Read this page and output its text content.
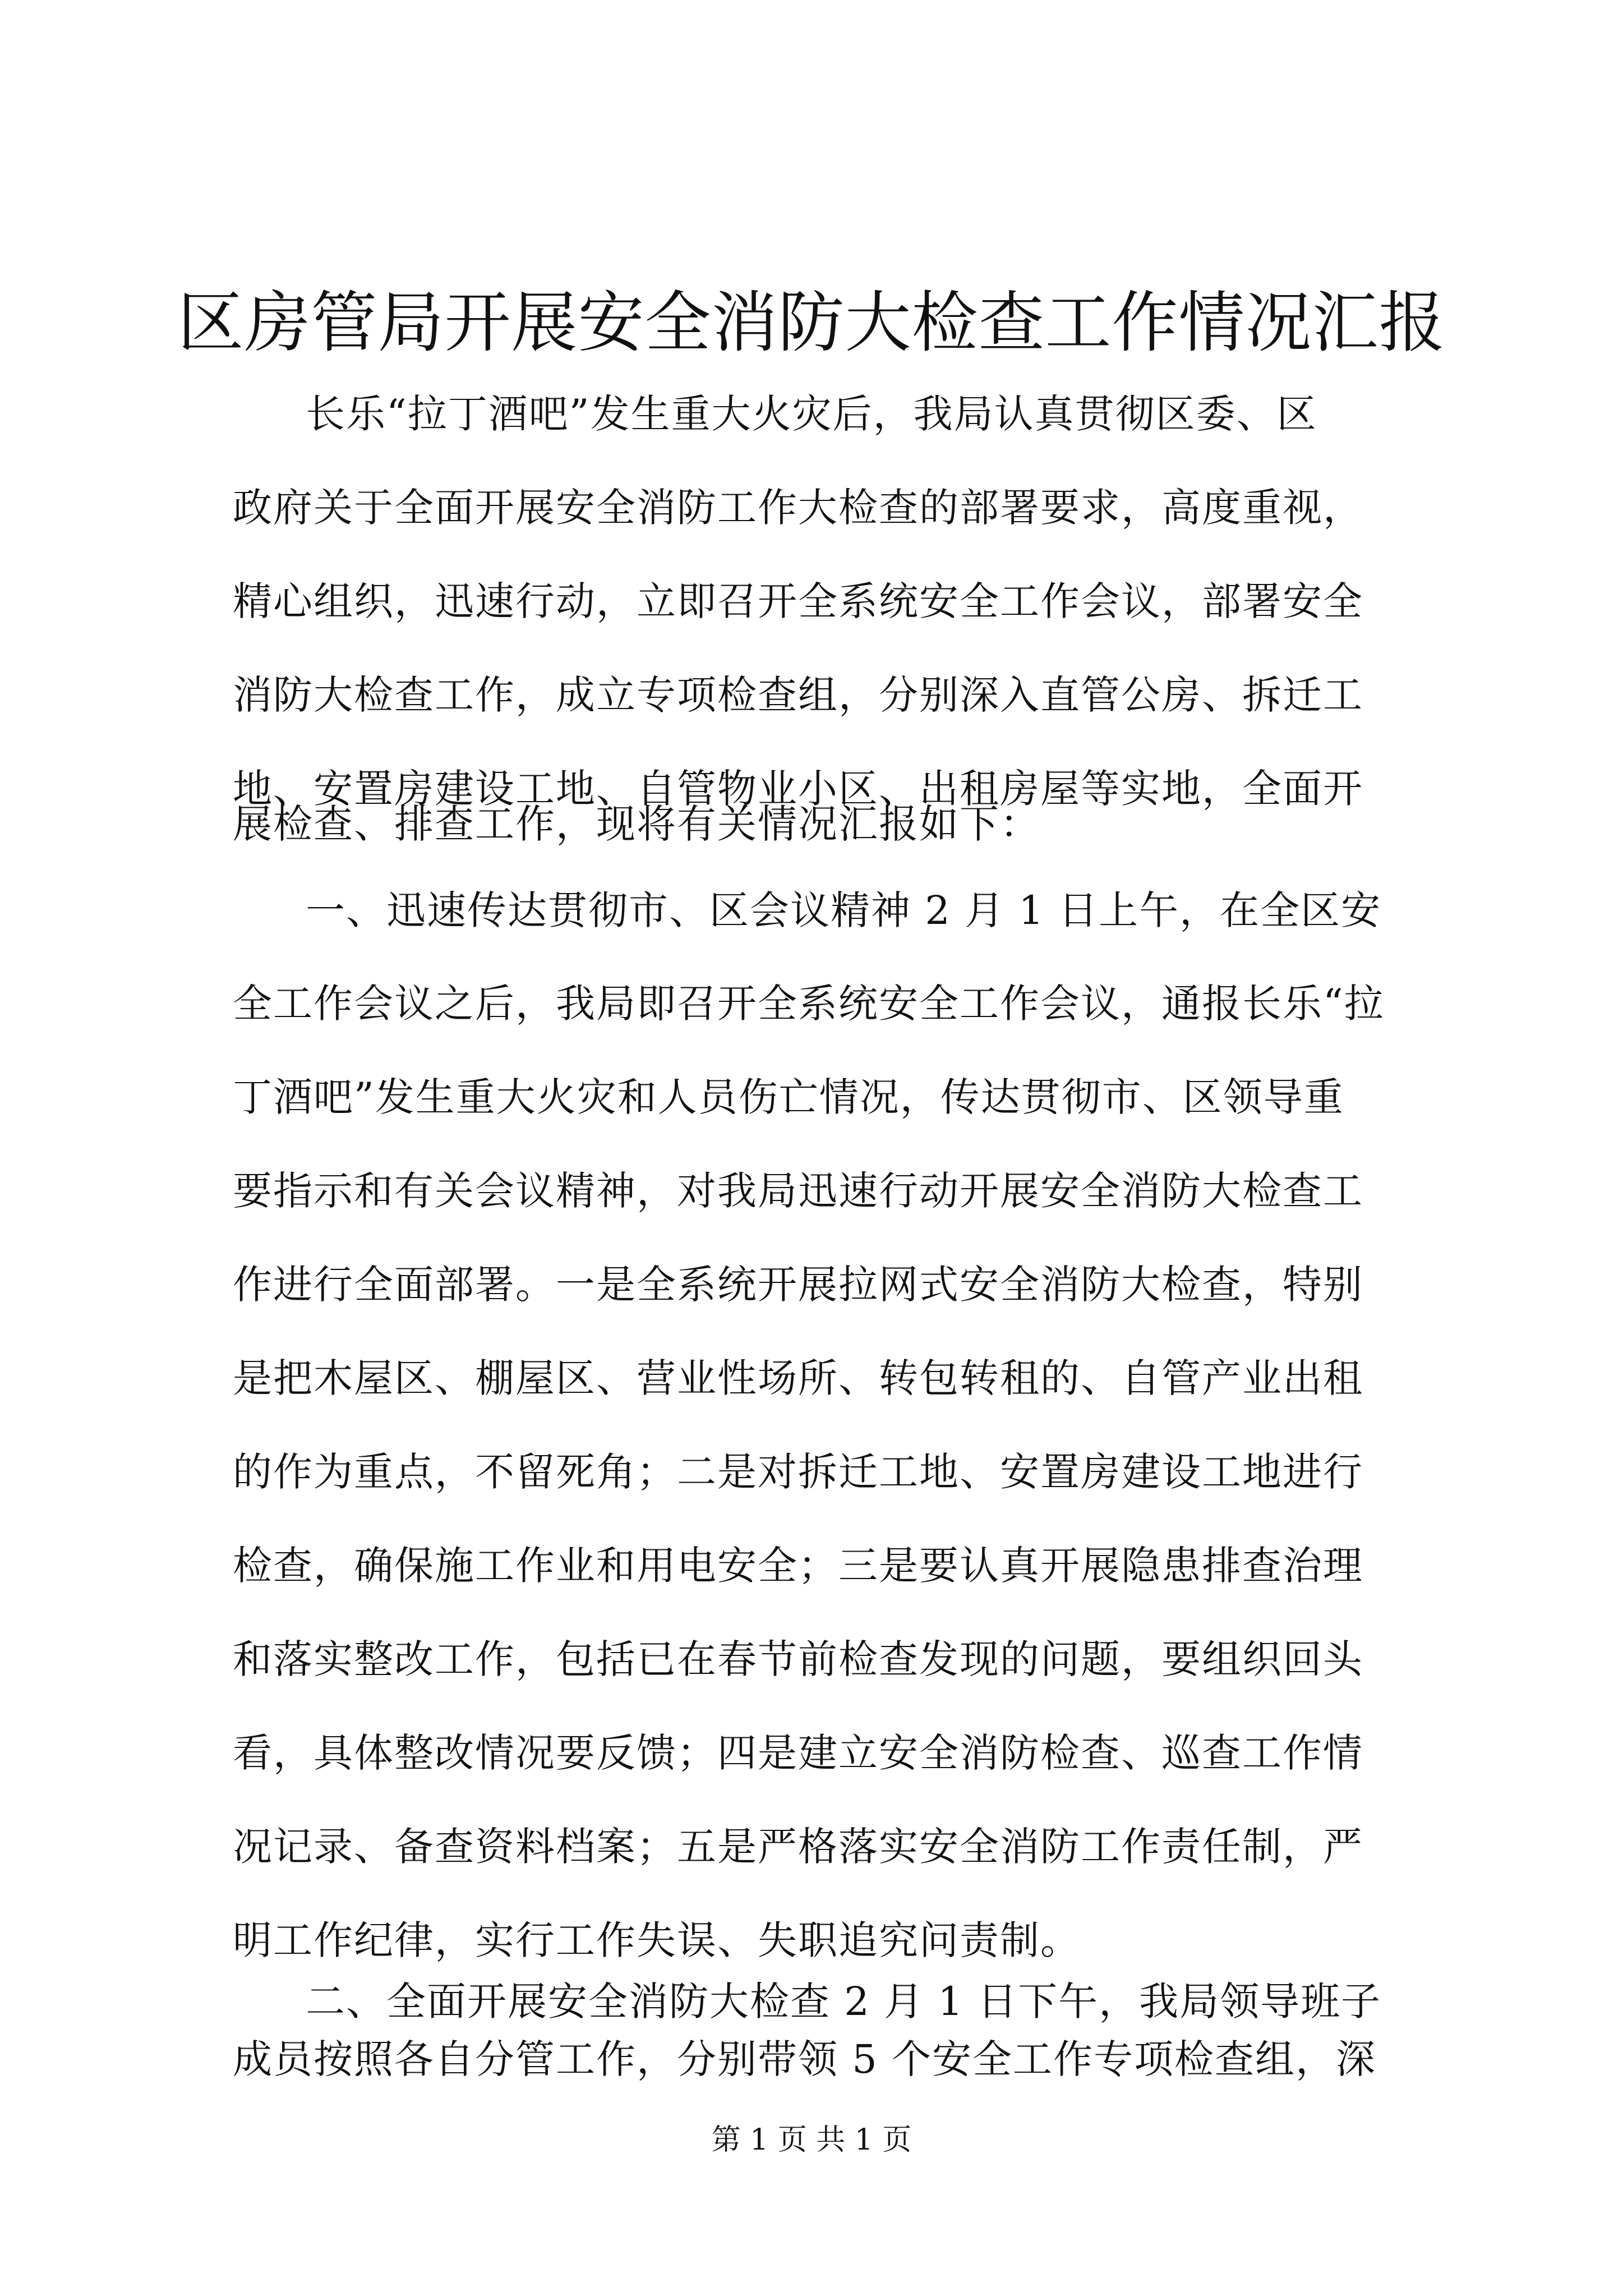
区房管局开展安全消防大检查工作情况汇报
长乐“拉丁酒吧”发生重大火灾后，我局认真贯彻区委、区
政府关于全面开展安全消防工作大检查的部署要求，高度重视，
精心组织，迅速行动，立即召开全系统安全工作会议，部署安全
消防大检查工作，成立专项检查组，分别深入直管公房、拆迁工
地、安置房建设工地、自管物业小区、出租房屋等实地，全面开
展检查、排查工作，现将有关情况汇报如下：
一、迅速传达贯彻市、区会议精神 2 月 1 日上午，在全区安
全工作会议之后，我局即召开全系统安全工作会议，通报长乐“拉
丁酒吧”发生重大火灾和人员伤亡情况，传达贯彻市、区领导重
要指示和有关会议精神，对我局迅速行动开展安全消防大检查工
作进行全面部署。一是全系统开展拉网式安全消防大检查，特别
是把木屋区、棚屋区、营业性场所、转包转租的、自管产业出租
的作为重点，不留死角；二是对拆迁工地、安置房建设工地进行
检查，确保施工作业和用电安全；三是要认真开展隐患排查治理
和落实整改工作，包括已在春节前检查发现的问题，要组织回头
看，具体整改情况要反馈；四是建立安全消防检查、巡查工作情
况记录、备查资料档案；五是严格落实安全消防工作责任制，严
明工作纪律，实行工作失误、失职追究问责制。
二、全面开展安全消防大检查 2 月 1 日下午，我局领导班子
成员按照各自分管工作，分别带领 5 个安全工作专项检查组，深
第 1 页 共 1 页
